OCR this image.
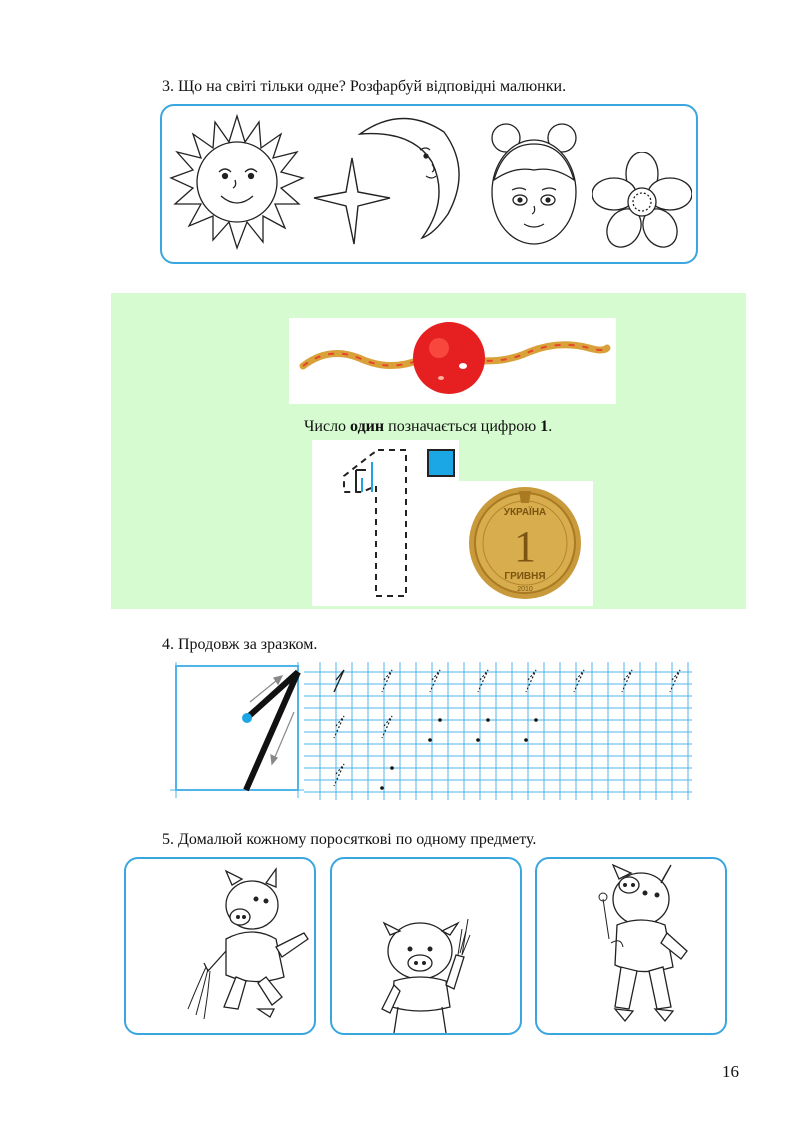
3. Що на світі тільки одне? Розфарбуй відповідні малюнки.
Число один позначається цифрою 1.
УКРАЇНА
1
ГРИВНЯ
2010
4. Продовж за зразком.
5. Домалюй кожному поросяткові по одному предмету.
16
